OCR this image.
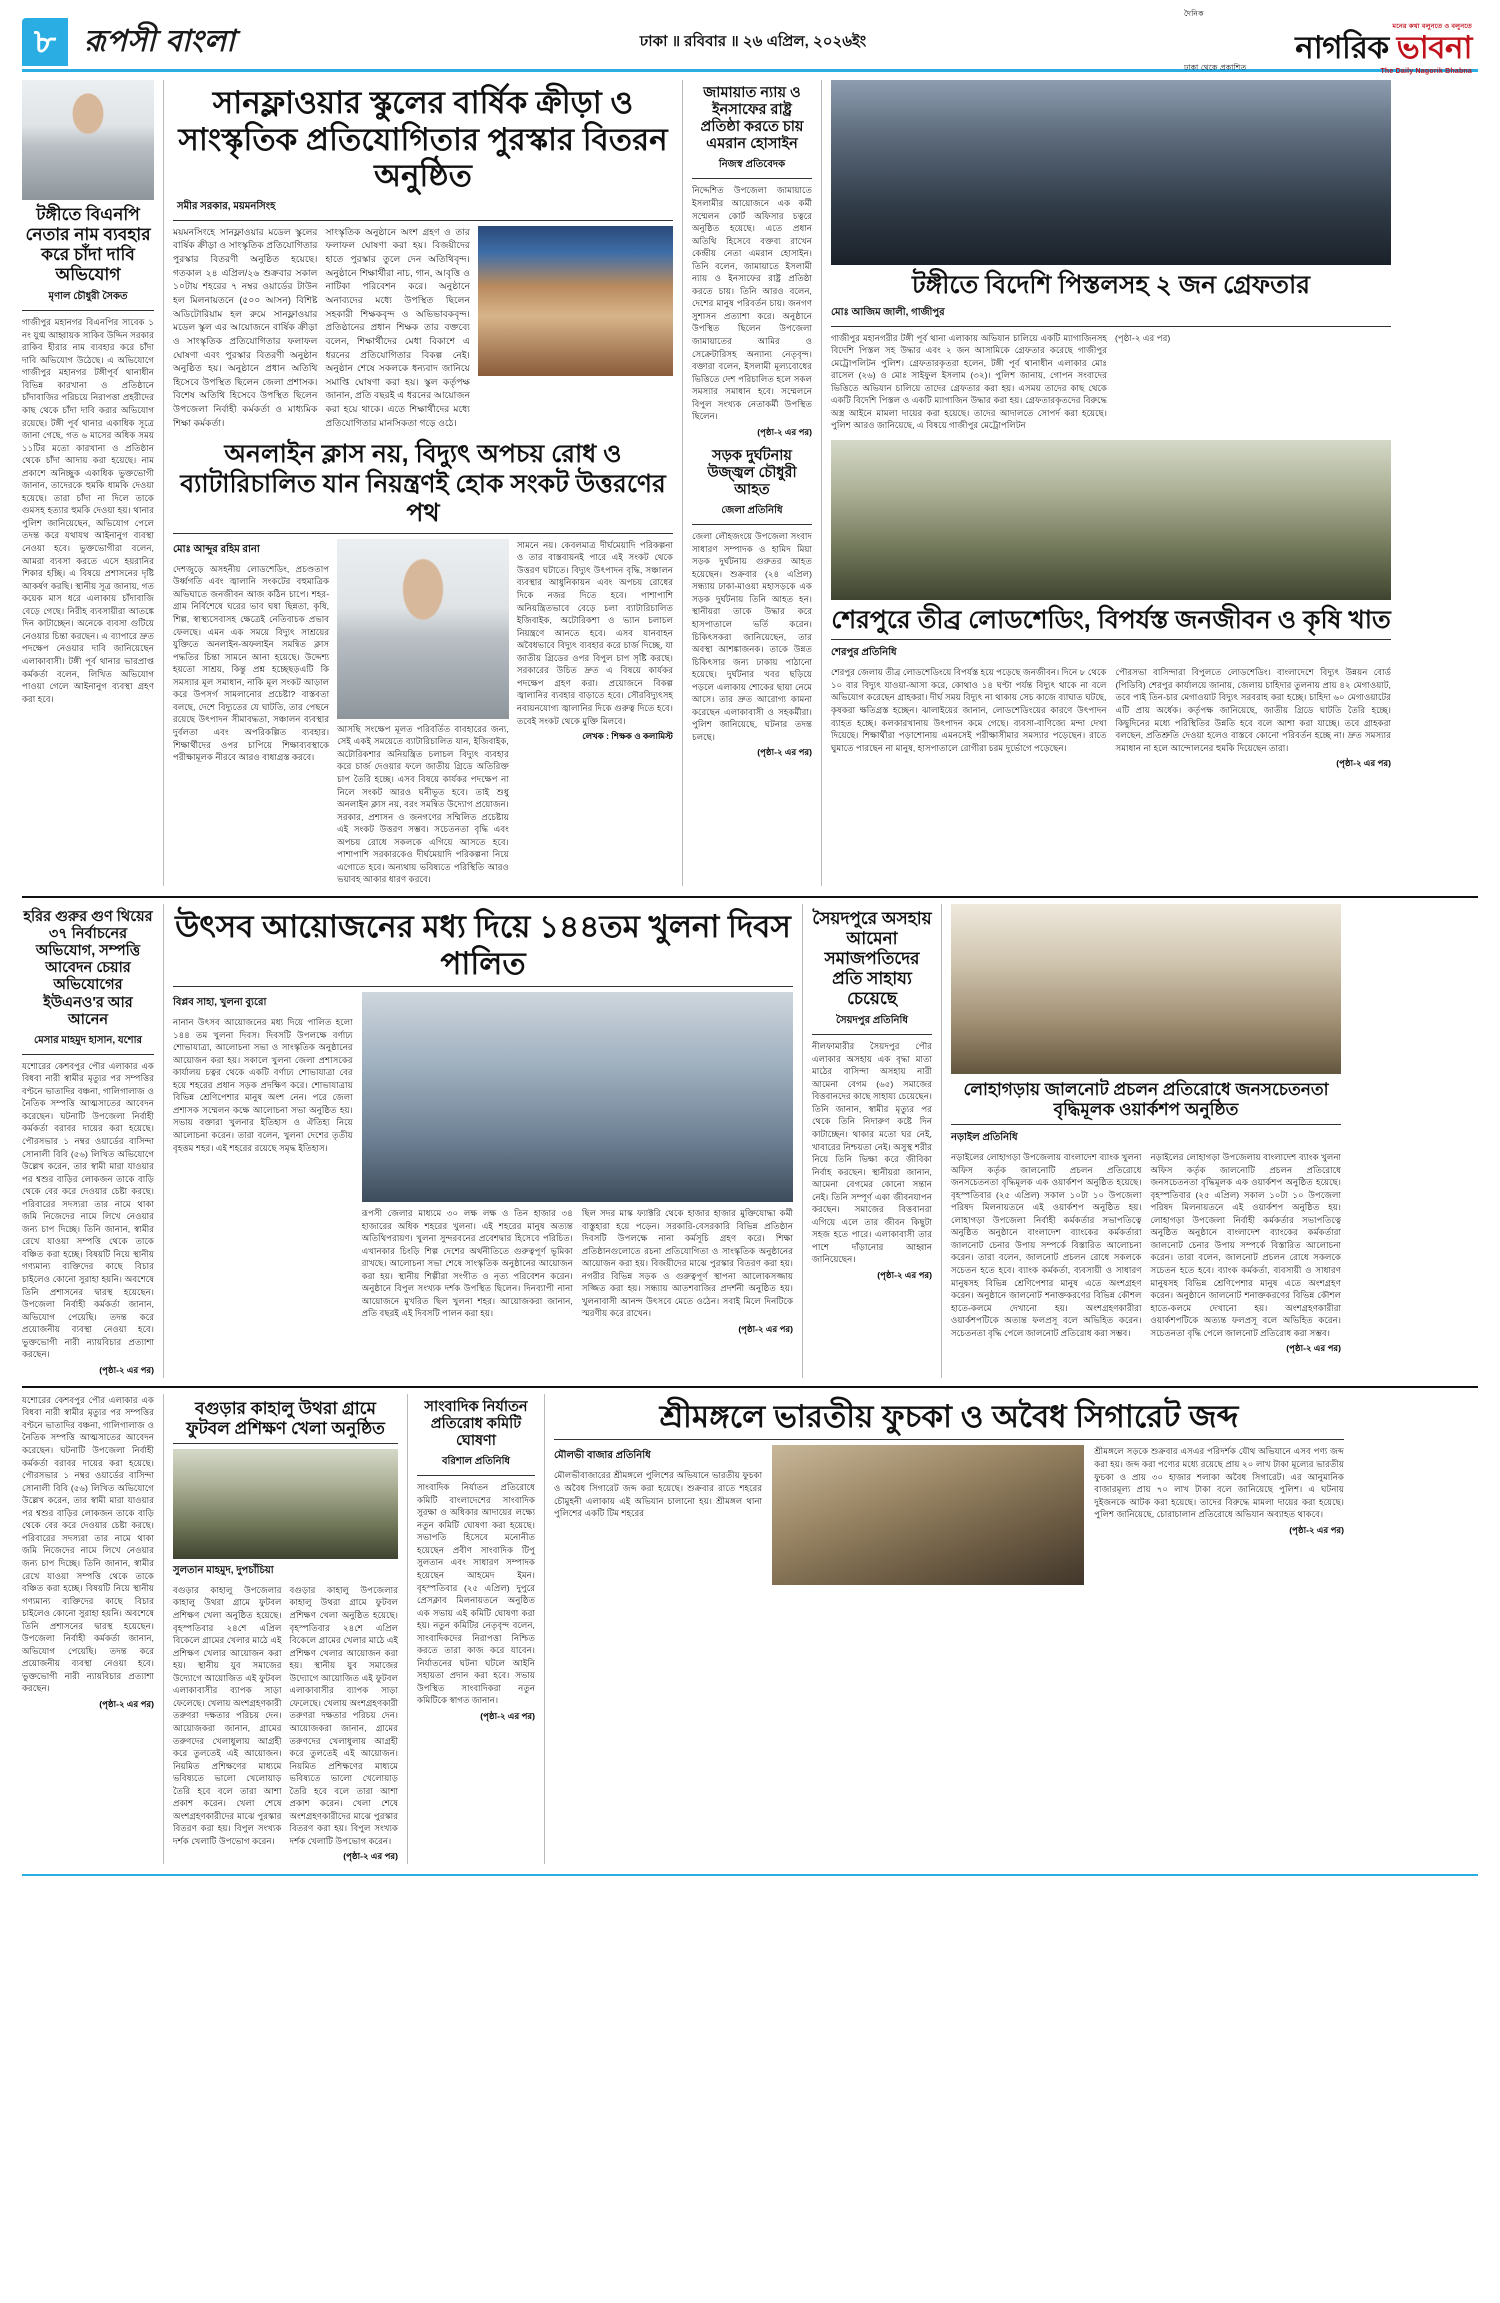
৮ রূপসী বাংলা	ঢাকা ॥ রবিবার ॥ ২৬ এপ্রিল, ২০২৬ইং
দৈনিক
মনের কথা বলুনতে ও বলুনতে
নাগরিক ভাবনা
ঢাকা থেকে প্রকাশিত	The Daily Nagorik Bhabna
টঙ্গীতে বিএনপি নেতার নাম ব্যবহার করে চাঁদা দাবি অভিযোগ
মৃণাল চৌধুরী সৈকত
গাজীপুর মহানগর বিএনপির সাবেক ১ নং যুগ্ম আহ্বায়ক সাকিব উদ্দিন সরকার রাকিব হীরার নাম ব্যবহার করে চাঁদা দাবি অভিযোগ উঠেছে। এ অভিযোগে গাজীপুর মহানগর টঙ্গীপূর্ব থানাধীন বিভিন্ন কারখানা ও প্রতিষ্ঠানে চাঁদাবাজির পরিচয়ে নিরাপত্তা প্রহরীদের কাছ থেকে চাঁদা দাবি করার অভিযোগ রয়েছে। টঙ্গী পূর্ব থানার একাধিক সূত্রে জানা গেছে, গত ৬ মাসের অধিক সময় ১১টির মতো কারখানা ও প্রতিষ্ঠান থেকে চাঁদা আদায় করা হয়েছে। নাম প্রকাশে অনিচ্ছুক একাধিক ভুক্তভোগী জানান, তাদেরকে হুমকি ধামকি দেওয়া হয়েছে। তারা চাঁদা না দিলে তাকে গুমসহ হত্যার হুমকি দেওয়া হয়। থানার পুলিশ জানিয়েছেন, অভিযোগ পেলে তদন্ত করে যথাযথ আইনানুগ ব্যবস্থা নেওয়া হবে। ভুক্তভোগীরা বলেন, আমরা ব্যবসা করতে এসে হয়রানির শিকার হচ্ছি। এ বিষয়ে প্রশাসনের দৃষ্টি আকর্ষণ করছি। স্থানীয় সূত্র জানায়, গত কয়েক মাস ধরে এলাকায় চাঁদাবাজি বেড়ে গেছে। নিরীহ ব্যবসায়ীরা আতঙ্কে দিন কাটাচ্ছেন। অনেকে ব্যবসা গুটিয়ে নেওয়ার চিন্তা করছেন। এ ব্যাপারে দ্রুত পদক্ষেপ নেওয়ার দাবি জানিয়েছেন এলাকাবাসী। টঙ্গী পূর্ব থানার ভারপ্রাপ্ত কর্মকর্তা বলেন, লিখিত অভিযোগ পাওয়া গেলে আইনানুগ ব্যবস্থা গ্রহণ করা হবে।
সানফ্লাওয়ার স্কুলের বার্ষিক ক্রীড়া ও সাংস্কৃতিক প্রতিযোগিতার পুরস্কার বিতরন অনুষ্ঠিত
সমীর সরকার, ময়মনসিংহ
ময়মনসিংহে সানফ্লাওয়ার মডেল স্কুলের বার্ষিক ক্রীড়া ও সাংস্কৃতিক প্রতিযোগিতার পুরস্কার বিতরণী অনুষ্ঠিত হয়েছে। গতকাল ২৪ এপ্রিল/২৬ শুক্রবার সকাল ১০টায় শহরের ৭ নম্বর ওয়ার্ডের টাউন হল মিলনায়তনে (৫০০ আসন) বিশিষ্ট অডিটোরিয়াম হল রুমে সানফ্লাওয়ার মডেল স্কুল এর আয়োজনে বার্ষিক ক্রীড়া ও সাংস্কৃতিক প্রতিযোগিতার ফলাফল ঘোষণা এবং পুরস্কার বিতরণী অনুষ্ঠান অনুষ্ঠিত হয়। অনুষ্ঠানে প্রধান অতিথি হিসেবে উপস্থিত ছিলেন জেলা প্রশাসক। বিশেষ অতিথি হিসেবে উপস্থিত ছিলেন উপজেলা নির্বাহী কর্মকর্তা ও মাধ্যমিক শিক্ষা কর্মকর্তা।
সাংস্কৃতিক অনুষ্ঠানে অংশ গ্রহণ ও তার ফলাফল ঘোষণা করা হয়। বিজয়ীদের হাতে পুরস্কার তুলে দেন অতিথিবৃন্দ। অনুষ্ঠানে শিক্ষার্থীরা নাচ, গান, আবৃত্তি ও নাটিকা পরিবেশন করে। অনুষ্ঠানে অনাব্যদের মধ্যে উপস্থিত ছিলেন সহকারী শিক্ষকবৃন্দ ও অভিভাবকবৃন্দ। প্রতিষ্ঠানের প্রধান শিক্ষক তার বক্তব্যে বলেন, শিক্ষার্থীদের মেধা বিকাশে এ ধরনের প্রতিযোগিতার বিকল্প নেই। অনুষ্ঠান শেষে সকলকে ধন্যবাদ জানিয়ে সমাপ্তি ঘোষণা করা হয়। স্কুল কর্তৃপক্ষ জানান, প্রতি বছরই এ ধরনের আয়োজন করা হয়ে থাকে। এতে শিক্ষার্থীদের মধ্যে প্রতিযোগিতার মানসিকতা গড়ে ওঠে।
অনলাইন ক্লাস নয়, বিদ্যুৎ অপচয় রোধ ও ব্যাটারিচালিত যান নিয়ন্ত্রণই হোক সংকট উত্তরণের পথ
মোঃ আব্দুর রহিম রানা
দেশজুড়ে অসহনীয় লোডশেডিং, প্রচণ্ডতাপ উর্ধ্বগতি এবং জ্বালানি সংকটের বহুমাত্রিক অভিঘাতে জনজীবন আজ কঠিন চাপে। শহর-গ্রাম নির্বিশেষে ঘরের ভাব ঘষা ছিন্নতা, কৃষি, শিল্প, স্বাস্থ্যসেবাসহ ক্ষেত্রেই নেতিবাচক প্রভাব ফেলছে। এমন এক সময়ে বিদ্যুৎ সাশ্রয়ের যুক্তিতে অনলাইন-অফলাইন সমন্বিত ক্লাস পদ্ধতির চিন্তা সামনে আনা হয়েছে। উদ্দেশ্য হয়তো সাশ্রয়, কিন্তু প্রশ্ন হচ্ছেছড়এটি কি সমস্যার মূল সমাধান, নাকি মূল সংকট আড়াল করে উপসর্গ সামলানোর প্রচেষ্টা? বাস্তবতা বলছে, দেশে বিদ্যুতের যে ঘাটতি, তার পেছনে রয়েছে উৎপাদন সীমাবদ্ধতা, সঞ্চালন ব্যবস্থার দুর্বলতা এবং অপরিকল্পিত ব্যবহার। শিক্ষার্থীদের ওপর চাপিয়ে শিক্ষাব্যবস্থাকে পরীক্ষামূলক নীরবে আরও বাধাগ্রস্ত করবে।
আসছি সংক্ষেপ মূলত পরিবর্তিত বাবহারের জন্য, সেই একই সময়েতে ব্যাটারিচালিত যান, ইজিবাইক, অটোরিকশার অনিয়ন্ত্রিত চলাচল বিদ্যুৎ ব্যবহার করে চার্জ দেওয়ার ফলে জাতীয় গ্রিডে অতিরিক্ত চাপ তৈরি হচ্ছে। এসব বিষয়ে কার্যকর পদক্ষেপ না নিলে সংকট আরও ঘনীভূত হবে। তাই শুধু অনলাইন ক্লাস নয়, বরং সমন্বিত উদ্যোগ প্রয়োজন। সরকার, প্রশাসন ও জনগণের সম্মিলিত প্রচেষ্টায় এই সংকট উত্তরণ সম্ভব। সচেতনতা বৃদ্ধি এবং অপচয় রোধে সকলকে এগিয়ে আসতে হবে। পাশাপাশি সরকারকেও দীর্ঘমেয়াদি পরিকল্পনা নিয়ে এগোতে হবে। অন্যথায় ভবিষ্যতে পরিস্থিতি আরও ভয়াবহ আকার ধারণ করবে।
সামনে নয়। কেবলমাত্র দীর্ঘমেয়াদি পরিকল্পনা ও তার বাস্তবায়নই পারে এই সংকট থেকে উত্তরণ ঘটাতে। বিদ্যুৎ উৎপাদন বৃদ্ধি, সঞ্চালন ব্যবস্থার আধুনিকায়ন এবং অপচয় রোধের দিকে নজর দিতে হবে। পাশাপাশি অনিয়ন্ত্রিতভাবে বেড়ে চলা ব্যাটারিচালিত ইজিবাইক, অটোরিকশা ও ভ্যান চলাচল নিয়ন্ত্রণে আনতে হবে। এসব যানবাহন অবৈধভাবে বিদ্যুৎ ব্যবহার করে চার্জ দিচ্ছে, যা জাতীয় গ্রিডের ওপর বিপুল চাপ সৃষ্টি করছে। সরকারের উচিত দ্রুত এ বিষয়ে কার্যকর পদক্ষেপ গ্রহণ করা। প্রয়োজনে বিকল্প জ্বালানির ব্যবহার বাড়াতে হবে। সৌরবিদ্যুৎসহ নবায়নযোগ্য জ্বালানির দিকে গুরুত্ব দিতে হবে। তবেই সংকট থেকে মুক্তি মিলবে।
লেখক : শিক্ষক ও কলামিস্ট
জামায়াত ন্যায় ও ইনসাফের রাষ্ট্র প্রতিষ্ঠা করতে চায় এমরান হোসাইন
নিজস্ব প্রতিবেদক
নিদ্দেশিত উপজেলা জামায়াতে ইসলামীর আয়োজনে এক কর্মী সম্মেলন কোর্ট অফিসার চত্বরে অনুষ্ঠিত হয়েছে। এতে প্রধান অতিথি হিসেবে বক্তব্য রাখেন কেন্দ্রীয় নেতা এমরান হোসাইন। তিনি বলেন, জামায়াতে ইসলামী ন্যায় ও ইনসাফের রাষ্ট্র প্রতিষ্ঠা করতে চায়। তিনি আরও বলেন, দেশের মানুষ পরিবর্তন চায়। জনগণ সুশাসন প্রত্যাশা করে। অনুষ্ঠানে উপস্থিত ছিলেন উপজেলা জামায়াতের আমির ও সেক্রেটারিসহ অন্যান্য নেতৃবৃন্দ। বক্তারা বলেন, ইসলামী মূল্যবোধের ভিত্তিতে দেশ পরিচালিত হলে সকল সমস্যার সমাধান হবে। সম্মেলনে বিপুল সংখ্যক নেতাকর্মী উপস্থিত ছিলেন।
(পৃষ্ঠা-২ এর পর)
সড়ক দুর্ঘটনায় উজ্জ্বল চৌধুরী আহত
জেলা প্রতিনিধি
জেলা লৌহজংয়ে উপজেলা সংবাদ সাধারণ সম্পাদক ও হামিদ মিয়া সড়ক দুর্ঘটনায় গুরুতর আহত হয়েছেন। শুক্রবার (২৪ এপ্রিল) সন্ধ্যায় ঢাকা-মাওয়া মহাসড়কে এক সড়ক দুর্ঘটনায় তিনি আহত হন। স্থানীয়রা তাকে উদ্ধার করে হাসপাতালে ভর্তি করেন। চিকিৎসকরা জানিয়েছেন, তার অবস্থা আশঙ্কাজনক। তাকে উন্নত চিকিৎসার জন্য ঢাকায় পাঠানো হয়েছে। দুর্ঘটনার খবর ছড়িয়ে পড়লে এলাকায় শোকের ছায়া নেমে আসে। তার দ্রুত আরোগ্য কামনা করেছেন এলাকাবাসী ও সহকর্মীরা। পুলিশ জানিয়েছে, ঘটনার তদন্ত চলছে।
(পৃষ্ঠা-২ এর পর)
টঙ্গীতে বিদেশি পিস্তলসহ ২ জন গ্রেফতার
মোঃ আজিম জালী, গাজীপুর
গাজীপুর মহানগরীর টঙ্গী পূর্ব থানা এলাকায় অভিযান চালিয়ে একটি ম্যাগাজিনসহ বিদেশি পিস্তল সহ উদ্ধার এবং ২ জন আসামিকে গ্রেফতার করেছে গাজীপুর মেট্রোপলিটন পুলিশ। গ্রেফতারকৃতরা হলেন, টঙ্গী পূর্ব থানাধীন এলাকার মোঃ রাসেল (২৬) ও মোঃ সাইফুল ইসলাম (৩২)। পুলিশ জানায়, গোপন সংবাদের ভিত্তিতে অভিযান চালিয়ে তাদের গ্রেফতার করা হয়। এসময় তাদের কাছ থেকে একটি বিদেশি পিস্তল ও একটি ম্যাগাজিন উদ্ধার করা হয়। গ্রেফতারকৃতদের বিরুদ্ধে অস্ত্র আইনে মামলা দায়ের করা হয়েছে। তাদের আদালতে সোপর্দ করা হয়েছে। পুলিশ আরও জানিয়েছে, এ বিষয়ে গাজীপুর মেট্রোপলিটন
(পৃষ্ঠা-২ এর পর)
শেরপুরে তীব্র লোডশেডিং, বিপর্যস্ত জনজীবন ও কৃষি খাত
শেরপুর প্রতিনিধি
শেরপুর জেলায় তীব্র লোডশেডিংয়ে বিপর্যস্ত হয়ে পড়েছে জনজীবন। দিনে ৮ থেকে ১০ বার বিদ্যুৎ যাওয়া-আসা করে, কোথাও ১৪ ঘণ্টা পর্যন্ত বিদ্যুৎ থাকে না বলে অভিযোগ করেছেন গ্রাহকরা। দীর্ঘ সময় বিদ্যুৎ না থাকায় সেচ কাজে ব্যাঘাত ঘটছে, কৃষকরা ক্ষতিগ্রস্ত হচ্ছেন। ঝালাইয়ের জানান, লোডশেডিংয়ের কারণে উৎপাদন ব্যাহত হচ্ছে। কলকারখানায় উৎপাদন কমে গেছে। ব্যবসা-বাণিজ্যে মন্দা দেখা দিয়েছে। শিক্ষার্থীরা পড়াশোনায় এমনসেই পরীক্ষাসীমার সমস্যার পড়েছেন। রাতে ঘুমাতে পারছেন না মানুষ, হাসপাতালে রোগীরা চরম দুর্ভোগে পড়েছেন।
পৌরসভা বাসিন্দারা বিপুলতে লোডশেডিং। বাংলাদেশে বিদ্যুৎ উন্নয়ন বোর্ড (পিডিবি) শেরপুর কার্যালয়ে জানায়, জেলায় চাহিদার তুলনায় প্রায় ৪২ মেগাওয়াট, তবে পাই তিন-চার মেগাওয়াট বিদ্যুৎ সরবরাহ করা হচ্ছে। চাহিদা ৬০ মেগাওয়াটের এটি প্রায় অর্ধেক। কর্তৃপক্ষ জানিয়েছে, জাতীয় গ্রিডে ঘাটতি তৈরি হচ্ছে। কিছুদিনের মধ্যে পরিস্থিতির উন্নতি হবে বলে আশা করা যাচ্ছে। তবে গ্রাহকরা বলছেন, প্রতিশ্রুতি দেওয়া হলেও বাস্তবে কোনো পরিবর্তন হচ্ছে না। দ্রুত সমস্যার সমাধান না হলে আন্দোলনের হুমকি দিয়েছেন তারা।
(পৃষ্ঠা-২ এর পর)
হরির গুরুর গুণ থিয়ের ৩৭ নির্বাচনের অভিযোগ, সম্পত্তি আবেদন চেয়ার অভিযোগের ইউএনও'র আর আনেন
মেসার মাহমুদ হাসান, যশোর
যশোরের কেশবপুর পৌর এলাকার এক বিধবা নারী স্বামীর মৃত্যুর পর সম্পত্তির বণ্টনে ভাতাদির বঞ্চনা, গালিগালাজ ও নৈতিক সম্পত্তি আত্মসাতের আবেদন করেছেন। ঘটনাটি উপজেলা নির্বাহী কর্মকর্তা বরাবর দায়ের করা হয়েছে। পৌরসভার ১ নম্বর ওয়ার্ডের বাসিন্দা সোনালী বিবি (৫৬) লিখিত অভিযোগে উল্লেখ করেন, তার স্বামী মারা যাওয়ার পর শ্বশুর বাড়ির লোকজন তাকে বাড়ি থেকে বের করে দেওয়ার চেষ্টা করছে। পরিবারের সদস্যরা তার নামে থাকা জমি নিজেদের নামে লিখে নেওয়ার জন্য চাপ দিচ্ছে। তিনি জানান, স্বামীর রেখে যাওয়া সম্পত্তি থেকে তাকে বঞ্চিত করা হচ্ছে। বিষয়টি নিয়ে স্থানীয় গণ্যমান্য ব্যক্তিদের কাছে বিচার চাইলেও কোনো সুরাহা হয়নি। অবশেষে তিনি প্রশাসনের দ্বারস্থ হয়েছেন। উপজেলা নির্বাহী কর্মকর্তা জানান, অভিযোগ পেয়েছি। তদন্ত করে প্রয়োজনীয় ব্যবস্থা নেওয়া হবে। ভুক্তভোগী নারী ন্যায়বিচার প্রত্যাশা করছেন।
(পৃষ্ঠা-২ এর পর)
উৎসব আয়োজনের মধ্য দিয়ে ১৪৪তম খুলনা দিবস পালিত
বিপ্লব সাহা, খুলনা ব্যুরো
নানান উৎসব আয়োজনের মধ্য দিয়ে পালিত হলো ১৪৪ তম খুলনা দিবস। দিবসটি উপলক্ষে বর্ণাঢ্য শোভাযাত্রা, আলোচনা সভা ও সাংস্কৃতিক অনুষ্ঠানের আয়োজন করা হয়। সকালে খুলনা জেলা প্রশাসকের কার্যালয় চত্বর থেকে একটি বর্ণাঢ্য শোভাযাত্রা বের হয়ে শহরের প্রধান সড়ক প্রদক্ষিণ করে। শোভাযাত্রায় বিভিন্ন শ্রেণিপেশার মানুষ অংশ নেন। পরে জেলা প্রশাসক সম্মেলন কক্ষে আলোচনা সভা অনুষ্ঠিত হয়। সভায় বক্তারা খুলনার ইতিহাস ও ঐতিহ্য নিয়ে আলোচনা করেন। তারা বলেন, খুলনা দেশের তৃতীয় বৃহত্তম শহর। এই শহরের রয়েছে সমৃদ্ধ ইতিহাস।
রূপসী জেলার মাধ্যমে ৩০ লক্ষ লক্ষ ও তিন হাজার ৩৪ হাজারের অধিক শহরের খুলনা। এই শহরের মানুষ অত্যন্ত অতিথিপরায়ণ। খুলনা সুন্দরবনের প্রবেশদ্বার হিসেবে পরিচিত। এখানকার চিংড়ি শিল্প দেশের অর্থনীতিতে গুরুত্বপূর্ণ ভূমিকা রাখছে। আলোচনা সভা শেষে সাংস্কৃতিক অনুষ্ঠানের আয়োজন করা হয়। স্থানীয় শিল্পীরা সংগীত ও নৃত্য পরিবেশন করেন। অনুষ্ঠানে বিপুল সংখ্যক দর্শক উপস্থিত ছিলেন। দিনব্যাপী নানা আয়োজনে মুখরিত ছিল খুলনা শহর। আয়োজকরা জানান, প্রতি বছরই এই দিবসটি পালন করা হয়।
ছিল সদর মাস্ক ফ্যাক্টরি থেকে হাজার হাজার মুক্তিযোদ্ধা কর্মী বাস্তুহারা হয়ে পড়েন। সরকারি-বেসরকারি বিভিন্ন প্রতিষ্ঠান দিবসটি উপলক্ষে নানা কর্মসূচি গ্রহণ করে। শিক্ষা প্রতিষ্ঠানগুলোতে রচনা প্রতিযোগিতা ও সাংস্কৃতিক অনুষ্ঠানের আয়োজন করা হয়। বিজয়ীদের মাঝে পুরস্কার বিতরণ করা হয়। নগরীর বিভিন্ন সড়ক ও গুরুত্বপূর্ণ স্থাপনা আলোকসজ্জায় সজ্জিত করা হয়। সন্ধ্যায় আতশবাজির প্রদর্শনী অনুষ্ঠিত হয়। খুলনাবাসী আনন্দ উৎসবে মেতে ওঠেন। সবাই মিলে দিনটিকে স্মরণীয় করে রাখেন।
(পৃষ্ঠা-২ এর পর)
সৈয়দপুরে অসহায় আমেনা সমাজপতিদের প্রতি সাহায্য চেয়েছে
সৈয়দপুর প্রতিনিধি
নীলফামারীর সৈয়দপুর পৌর এলাকার অসহায় এক বৃদ্ধা মাতা মাঠের বাসিন্দা অসহায় নারী আমেনা বেগম (৬৫) সমাজের বিত্তবানদের কাছে সাহায্য চেয়েছেন। তিনি জানান, স্বামীর মৃত্যুর পর থেকে তিনি নিদারুণ কষ্টে দিন কাটাচ্ছেন। থাকার মতো ঘর নেই, খাবারের নিশ্চয়তা নেই। অসুস্থ শরীর নিয়ে তিনি ভিক্ষা করে জীবিকা নির্বাহ করছেন। স্থানীয়রা জানান, আমেনা বেগমের কোনো সন্তান নেই। তিনি সম্পূর্ণ একা জীবনযাপন করছেন। সমাজের বিত্তবানরা এগিয়ে এলে তার জীবন কিছুটা সহজ হতে পারে। এলাকাবাসী তার পাশে দাঁড়ানোর আহ্বান জানিয়েছেন।
(পৃষ্ঠা-২ এর পর)
লোহাগড়ায় জালনোট প্রচলন প্রতিরোধে জনসচেতনতা বৃদ্ধিমূলক ওয়ার্কশপ অনুষ্ঠিত
নড়াইল প্রতিনিধি
নড়াইলের লোহাগড়া উপজেলায় বাংলাদেশ ব্যাংক খুলনা অফিস কর্তৃক জালনোটি প্রচলন প্রতিরোধে জনসচেতনতা বৃদ্ধিমূলক এক ওয়ার্কশপ অনুষ্ঠিত হয়েছে। বৃহস্পতিবার (২৫ এপ্রিল) সকাল ১০টা ১০ উপজেলা পরিষদ মিলনায়তনে এই ওয়ার্কশপ অনুষ্ঠিত হয়। লোহাগড়া উপজেলা নির্বাহী কর্মকর্তার সভাপতিত্বে অনুষ্ঠিত অনুষ্ঠানে বাংলাদেশ ব্যাংকের কর্মকর্তারা জালনোট চেনার উপায় সম্পর্কে বিস্তারিত আলোচনা করেন। তারা বলেন, জালনোট প্রচলন রোধে সকলকে সচেতন হতে হবে। ব্যাংক কর্মকর্তা, ব্যবসায়ী ও সাধারণ মানুষসহ বিভিন্ন শ্রেণিপেশার মানুষ এতে অংশগ্রহণ করেন। অনুষ্ঠানে জালনোট শনাক্তকরণের বিভিন্ন কৌশল হাতে-কলমে দেখানো হয়। অংশগ্রহণকারীরা ওয়ার্কশপটিকে অত্যন্ত ফলপ্রসূ বলে অভিহিত করেন। সচেতনতা বৃদ্ধি পেলে জালনোট প্রতিরোধ করা সম্ভব।
নড়াইলের লোহাগড়া উপজেলায় বাংলাদেশ ব্যাংক খুলনা অফিস কর্তৃক জালনোটি প্রচলন প্রতিরোধে জনসচেতনতা বৃদ্ধিমূলক এক ওয়ার্কশপ অনুষ্ঠিত হয়েছে। বৃহস্পতিবার (২৫ এপ্রিল) সকাল ১০টা ১০ উপজেলা পরিষদ মিলনায়তনে এই ওয়ার্কশপ অনুষ্ঠিত হয়। লোহাগড়া উপজেলা নির্বাহী কর্মকর্তার সভাপতিত্বে অনুষ্ঠিত অনুষ্ঠানে বাংলাদেশ ব্যাংকের কর্মকর্তারা জালনোট চেনার উপায় সম্পর্কে বিস্তারিত আলোচনা করেন। তারা বলেন, জালনোট প্রচলন রোধে সকলকে সচেতন হতে হবে। ব্যাংক কর্মকর্তা, ব্যবসায়ী ও সাধারণ মানুষসহ বিভিন্ন শ্রেণিপেশার মানুষ এতে অংশগ্রহণ করেন। অনুষ্ঠানে জালনোট শনাক্তকরণের বিভিন্ন কৌশল হাতে-কলমে দেখানো হয়। অংশগ্রহণকারীরা ওয়ার্কশপটিকে অত্যন্ত ফলপ্রসূ বলে অভিহিত করেন। সচেতনতা বৃদ্ধি পেলে জালনোট প্রতিরোধ করা সম্ভব।
(পৃষ্ঠা-২ এর পর)
যশোরের কেশবপুর পৌর এলাকার এক বিধবা নারী স্বামীর মৃত্যুর পর সম্পত্তির বণ্টনে ভাতাদির বঞ্চনা, গালিগালাজ ও নৈতিক সম্পত্তি আত্মসাতের আবেদন করেছেন। ঘটনাটি উপজেলা নির্বাহী কর্মকর্তা বরাবর দায়ের করা হয়েছে। পৌরসভার ১ নম্বর ওয়ার্ডের বাসিন্দা সোনালী বিবি (৫৬) লিখিত অভিযোগে উল্লেখ করেন, তার স্বামী মারা যাওয়ার পর শ্বশুর বাড়ির লোকজন তাকে বাড়ি থেকে বের করে দেওয়ার চেষ্টা করছে। পরিবারের সদস্যরা তার নামে থাকা জমি নিজেদের নামে লিখে নেওয়ার জন্য চাপ দিচ্ছে। তিনি জানান, স্বামীর রেখে যাওয়া সম্পত্তি থেকে তাকে বঞ্চিত করা হচ্ছে। বিষয়টি নিয়ে স্থানীয় গণ্যমান্য ব্যক্তিদের কাছে বিচার চাইলেও কোনো সুরাহা হয়নি। অবশেষে তিনি প্রশাসনের দ্বারস্থ হয়েছেন। উপজেলা নির্বাহী কর্মকর্তা জানান, অভিযোগ পেয়েছি। তদন্ত করে প্রয়োজনীয় ব্যবস্থা নেওয়া হবে। ভুক্তভোগী নারী ন্যায়বিচার প্রত্যাশা করছেন।
(পৃষ্ঠা-২ এর পর)
বগুড়ার কাহালু উথরা গ্রামে ফুটবল প্রশিক্ষণ খেলা অনুষ্ঠিত
সুলতান মাহমুদ, দুপচাঁচিয়া
বগুড়ার কাহালু উপজেলার কাহালু উথরা গ্রামে ফুটবল প্রশিক্ষণ খেলা অনুষ্ঠিত হয়েছে। বৃহস্পতিবার ২৪শে এপ্রিল বিকেলে গ্রামের খেলার মাঠে এই প্রশিক্ষণ খেলার আয়োজন করা হয়। স্থানীয় যুব সমাজের উদ্যোগে আয়োজিত এই ফুটবল এলাকাবাসীর ব্যাপক সাড়া ফেলেছে। খেলায় অংশগ্রহণকারী তরুণরা দক্ষতার পরিচয় দেন। আয়োজকরা জানান, গ্রামের তরুণদের খেলাধুলায় আগ্রহী করে তুলতেই এই আয়োজন। নিয়মিত প্রশিক্ষণের মাধ্যমে ভবিষ্যতে ভালো খেলোয়াড় তৈরি হবে বলে তারা আশা প্রকাশ করেন। খেলা শেষে অংশগ্রহণকারীদের মাঝে পুরস্কার বিতরণ করা হয়। বিপুল সংখ্যক দর্শক খেলাটি উপভোগ করেন।
বগুড়ার কাহালু উপজেলার কাহালু উথরা গ্রামে ফুটবল প্রশিক্ষণ খেলা অনুষ্ঠিত হয়েছে। বৃহস্পতিবার ২৪শে এপ্রিল বিকেলে গ্রামের খেলার মাঠে এই প্রশিক্ষণ খেলার আয়োজন করা হয়। স্থানীয় যুব সমাজের উদ্যোগে আয়োজিত এই ফুটবল এলাকাবাসীর ব্যাপক সাড়া ফেলেছে। খেলায় অংশগ্রহণকারী তরুণরা দক্ষতার পরিচয় দেন। আয়োজকরা জানান, গ্রামের তরুণদের খেলাধুলায় আগ্রহী করে তুলতেই এই আয়োজন। নিয়মিত প্রশিক্ষণের মাধ্যমে ভবিষ্যতে ভালো খেলোয়াড় তৈরি হবে বলে তারা আশা প্রকাশ করেন। খেলা শেষে অংশগ্রহণকারীদের মাঝে পুরস্কার বিতরণ করা হয়। বিপুল সংখ্যক দর্শক খেলাটি উপভোগ করেন।
(পৃষ্ঠা-২ এর পর)
সাংবাদিক নির্যাতন প্রতিরোধ কমিটি ঘোষণা
বরিশাল প্রতিনিধি
সাংবাদিক নির্যাতন প্রতিরোধে কমিটি বাংলাদেশের সাংবাদিক সুরক্ষা ও অধিকার আদায়ের লক্ষ্যে নতুন কমিটি ঘোষণা করা হয়েছে। সভাপতি হিসেবে মনোনীত হয়েছেন প্রবীণ সাংবাদিক টিপু সুলতান এবং সাধারণ সম্পাদক হয়েছেন আহমেদ ইমন। বৃহস্পতিবার (২৫ এপ্রিল) দুপুরে প্রেসক্লাব মিলনায়তনে অনুষ্ঠিত এক সভায় এই কমিটি ঘোষণা করা হয়। নতুন কমিটির নেতৃবৃন্দ বলেন, সাংবাদিকদের নিরাপত্তা নিশ্চিত করতে তারা কাজ করে যাবেন। নির্যাতনের ঘটনা ঘটলে আইনি সহায়তা প্রদান করা হবে। সভায় উপস্থিত সাংবাদিকরা নতুন কমিটিকে স্বাগত জানান।
(পৃষ্ঠা-২ এর পর)
শ্রীমঙ্গলে ভারতীয় ফুচকা ও অবৈধ সিগারেট জব্দ
মৌলভী বাজার প্রতিনিধি
মৌলভীবাজারের শ্রীমঙ্গলে পুলিশের অভিযানে ভারতীয় ফুচকা ও অবৈধ সিগারেট জব্দ করা হয়েছে। শুক্রবার রাতে শহরের চৌমুহনী এলাকায় এই অভিযান চালানো হয়। শ্রীমঙ্গল থানা পুলিশের একটি টিম শহরের
শ্রীমঙ্গলে সড়কে শুক্রবার এসএর পরিদর্শক যৌথ অভিযানে এসব পণ্য জব্দ করা হয়। জব্দ করা পণ্যের মধ্যে রয়েছে প্রায় ২০ লাখ টাকা মূল্যের ভারতীয় ফুচকা ও প্রায় ৩০ হাজার শলাকা অবৈধ সিগারেট। এর আনুমানিক বাজারমূল্য প্রায় ৭০ লাখ টাকা বলে জানিয়েছে পুলিশ। এ ঘটনায় দুইজনকে আটক করা হয়েছে। তাদের বিরুদ্ধে মামলা দায়ের করা হয়েছে। পুলিশ জানিয়েছে, চোরাচালান প্রতিরোধে অভিযান অব্যাহত থাকবে।
(পৃষ্ঠা-২ এর পর)
